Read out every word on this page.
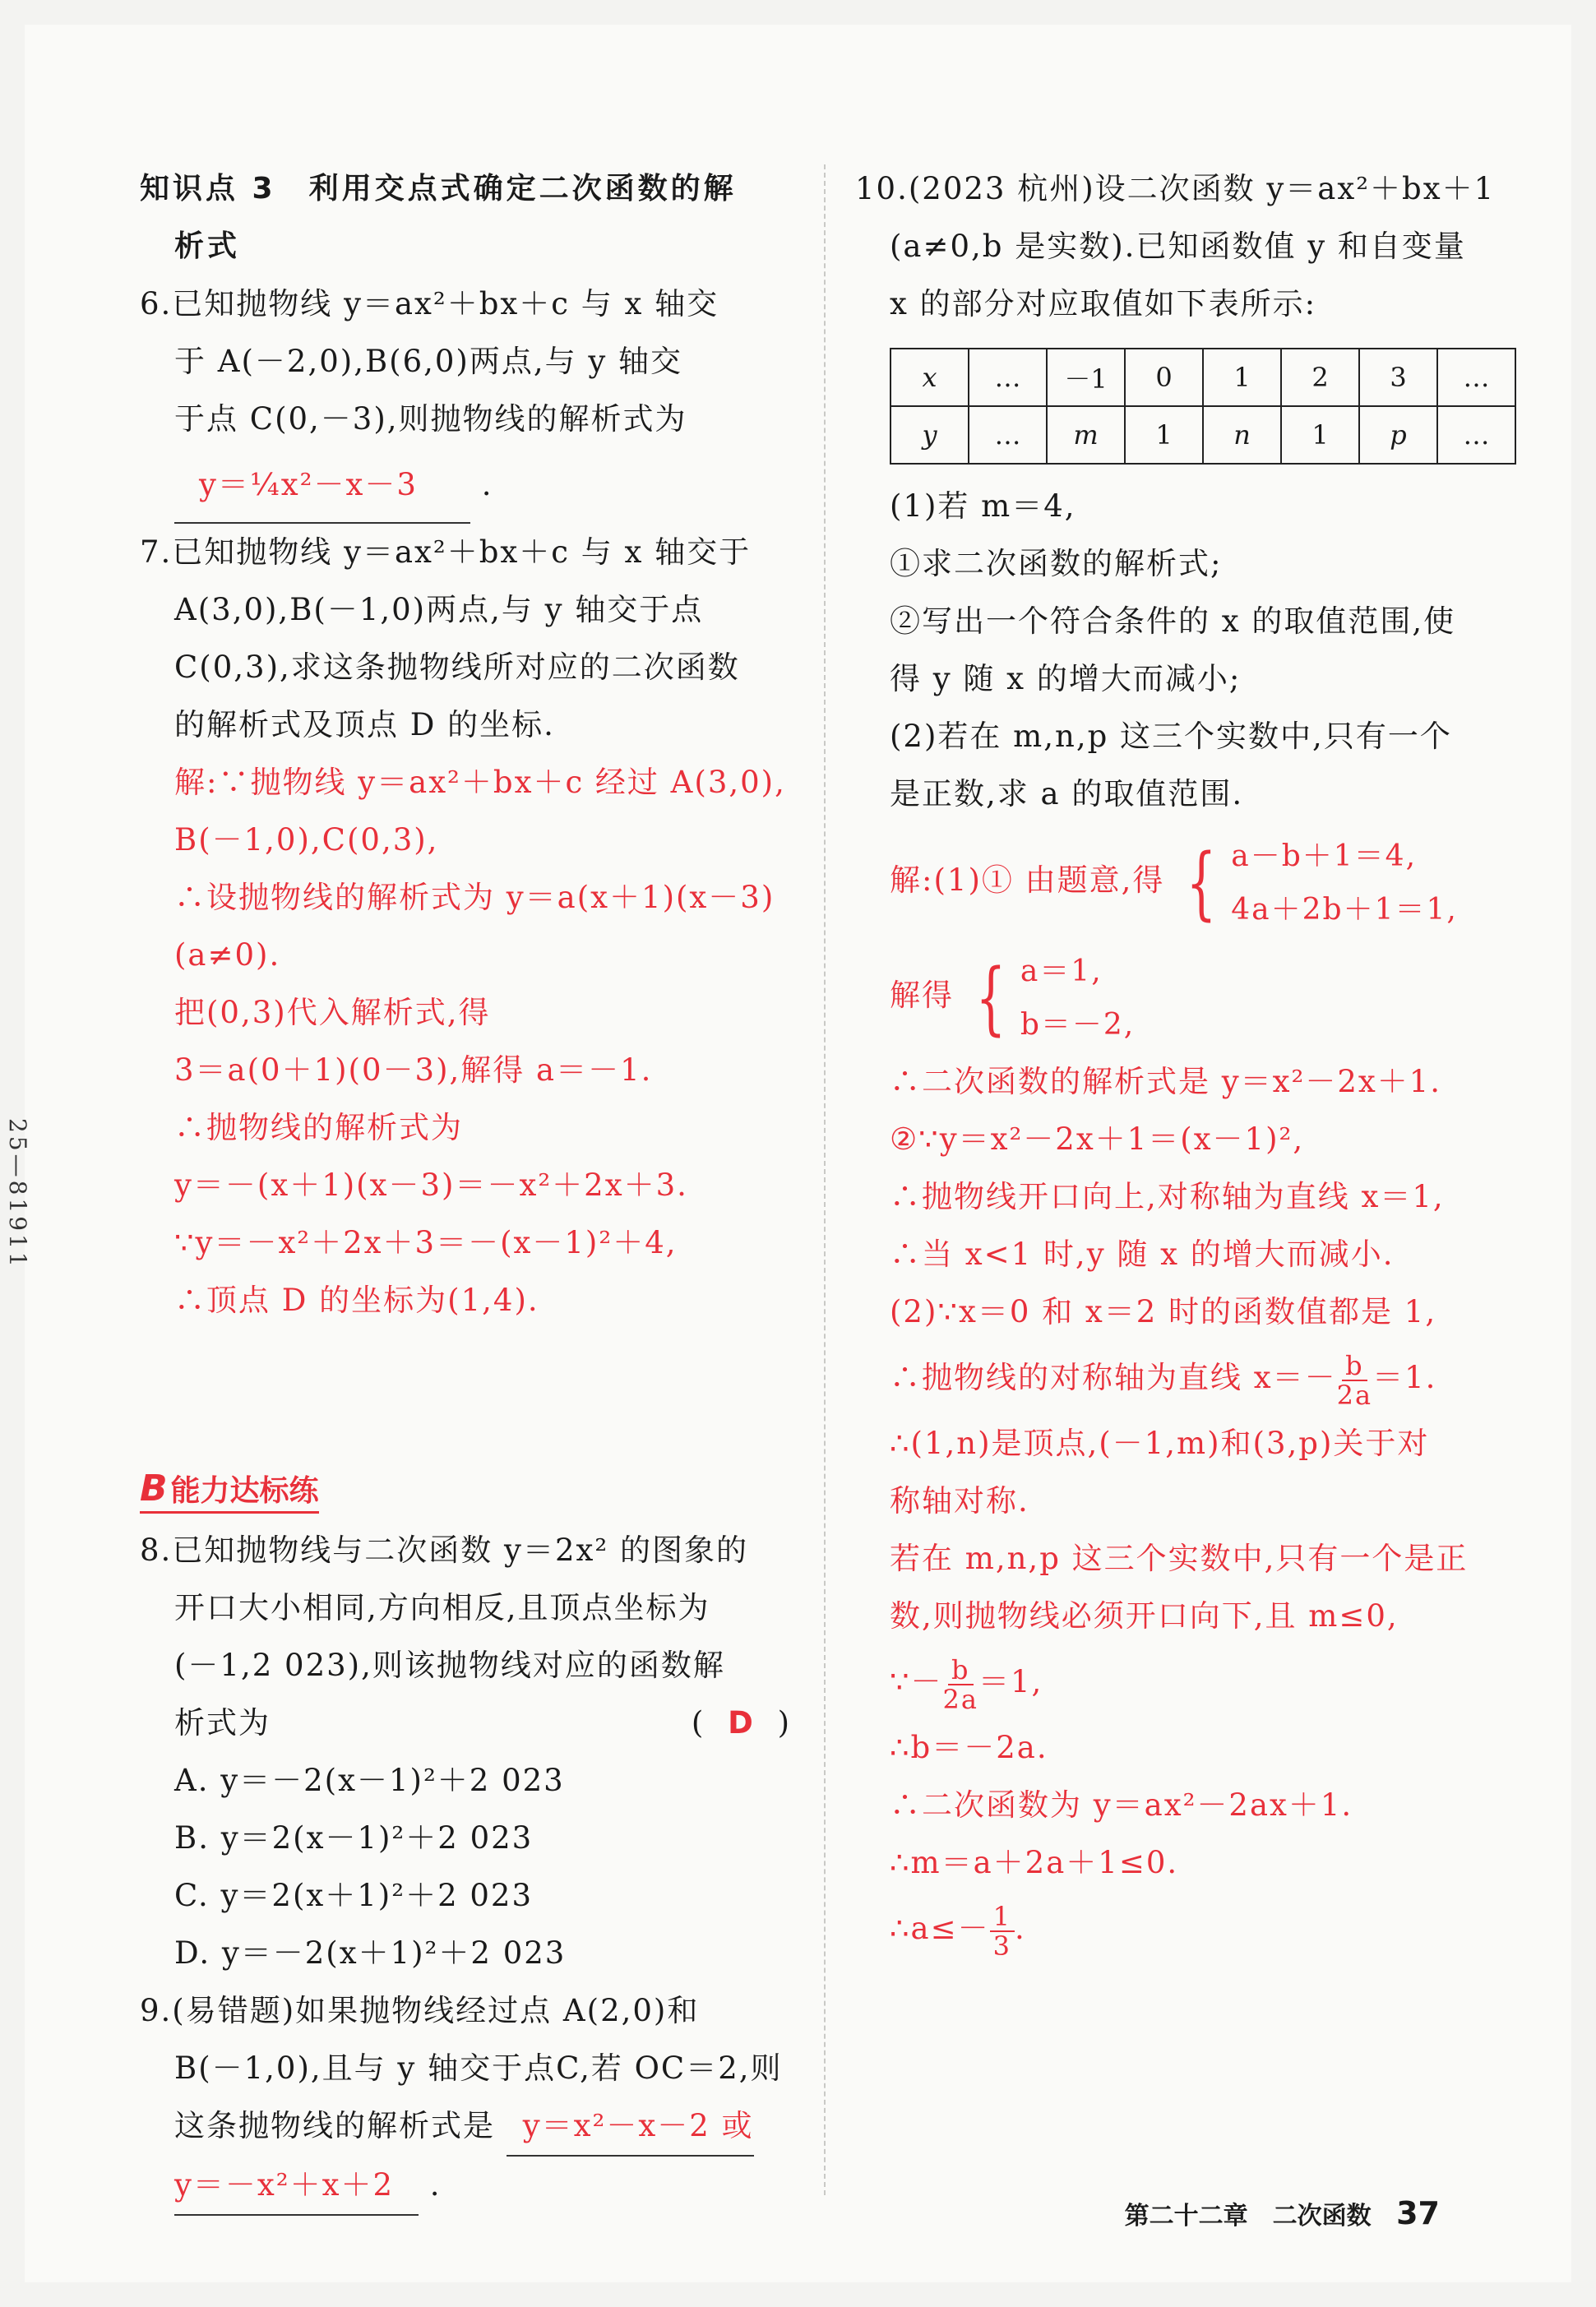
25—81911
知识点 3　利用交点式确定二次函数的解
析式
6.已知抛物线 y＝ax²＋bx＋c 与 x 轴交
于 A(－2,0),B(6,0)两点,与 y 轴交
于点 C(0,－3),则抛物线的解析式为
y＝¼x²－x－3 .
7.已知抛物线 y＝ax²＋bx＋c 与 x 轴交于
A(3,0),B(－1,0)两点,与 y 轴交于点
C(0,3),求这条抛物线所对应的二次函数
的解析式及顶点 D 的坐标.
解:∵抛物线 y＝ax²＋bx＋c 经过 A(3,0),
B(－1,0),C(0,3),
∴设抛物线的解析式为 y＝a(x＋1)(x－3)
(a≠0).
把(0,3)代入解析式,得
3＝a(0＋1)(0－3),解得 a＝－1.
∴抛物线的解析式为
y＝－(x＋1)(x－3)＝－x²＋2x＋3.
∵y＝－x²＋2x＋3＝－(x－1)²＋4,
∴顶点 D 的坐标为(1,4).
B 能力达标练
8.已知抛物线与二次函数 y＝2x² 的图象的
开口大小相同,方向相反,且顶点坐标为
(－1,2 023),则该抛物线对应的函数解
析式为	( D )
A. y＝－2(x－1)²＋2 023
B. y＝2(x－1)²＋2 023
C. y＝2(x＋1)²＋2 023
D. y＝－2(x＋1)²＋2 023
9.(易错题)如果抛物线经过点 A(2,0)和
B(－1,0),且与 y 轴交于点C,若 OC＝2,则
这条抛物线的解析式是 y＝x²－x－2 或
y＝－x²＋x＋2 .
10.(2023 杭州)设二次函数 y＝ax²＋bx＋1
(a≠0,b 是实数).已知函数值 y 和自变量
x 的部分对应取值如下表所示:
x	…	－1	0	1	2	3	…
y	…	m	1	n	1	p	…
(1)若 m＝4,
①求二次函数的解析式;
②写出一个符合条件的 x 的取值范围,使
得 y 随 x 的增大而减小;
(2)若在 m,n,p 这三个实数中,只有一个
是正数,求 a 的取值范围.
解:(1)① 由题意,得 { a－b＋1＝4,
4a＋2b＋1＝1,
解得 { a＝1,
b＝－2,
∴二次函数的解析式是 y＝x²－2x＋1.
②∵y＝x²－2x＋1＝(x－1)²,
∴抛物线开口向上,对称轴为直线 x＝1,
∴当 x<1 时,y 随 x 的增大而减小.
(2)∵x＝0 和 x＝2 时的函数值都是 1,
∴抛物线的对称轴为直线 $x=- \frac{b}{2a} =1$.
∴(1,n)是顶点,(－1,m)和(3,p)关于对
称轴对称.
若在 m,n,p 这三个实数中,只有一个是正
数,则抛物线必须开口向下,且 m≤0,
∵－ $\frac{b}{2a} =1$,
∴b＝－2a.
∴二次函数为 y＝ax²－2ax＋1.
∴m＝a＋2a＋1≤0.
∴a≤－ $\frac{1}{3}$ .
第二十二章　二次函数 37
